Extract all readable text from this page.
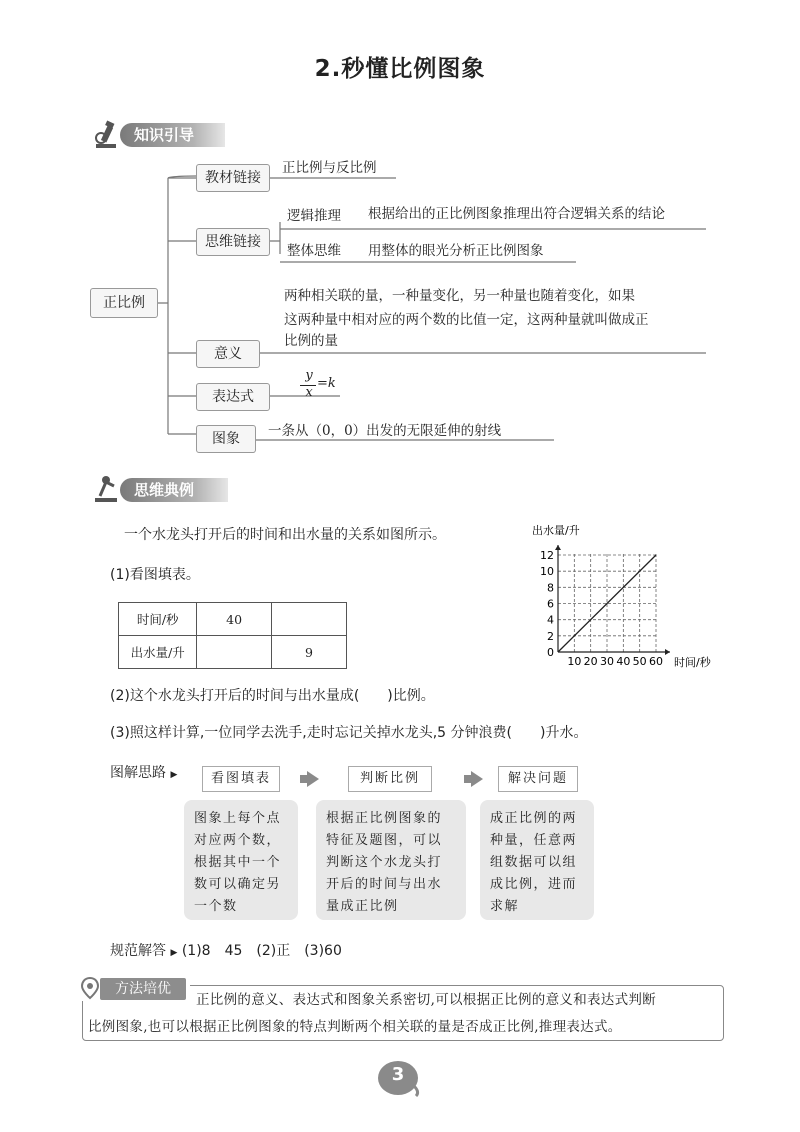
2.秒懂比例图象
知识引导
正比例
教材链接
正比例与反比例
思维链接
逻辑推理 根据给出的正比例图象推理出符合逻辑关系的结论
整体思维 用整体的眼光分析正比例图象
两种相关联的量，一种量变化，另一种量也随着变化，如果
这两种量中相对应的两个数的比值一定，这两种量就叫做成正
比例的量
意义
表达式
y
x
=k
图象	一条从（0，0）出发的无限延伸的射线
思维典例
一个水龙头打开后的时间和出水量的关系如图所示。
(1)看图填表。
时间/秒	40	
出水量/升		9	0
2
4
6
8
10
12
10 20 30 40 50 60
出水量/升
时间/秒
(2)这个水龙头打开后的时间与出水量成(　　)比例。
(3)照这样计算,一位同学去洗手,走时忘记关掉水龙头,5 分钟浪费(　　)升水。
图解思路 ▶	看图填表	判断比例	解决问题
图象上每个点
对应两个数，
根据其中一个
数可以确定另
一个数
根据正比例图象的
特征及题图，可以
判断这个水龙头打
开后的时间与出水
量成正比例
成正比例的两
种量，任意两
组数据可以组
成比例，进而
求解
规范解答 ▶ (1)8　45　(2)正　(3)60
方法培优
正比例的意义、表达式和图象关系密切,可以根据正比例的意义和表达式判断
比例图象,也可以根据正比例图象的特点判断两个相关联的量是否成正比例,推理表达式。
3
